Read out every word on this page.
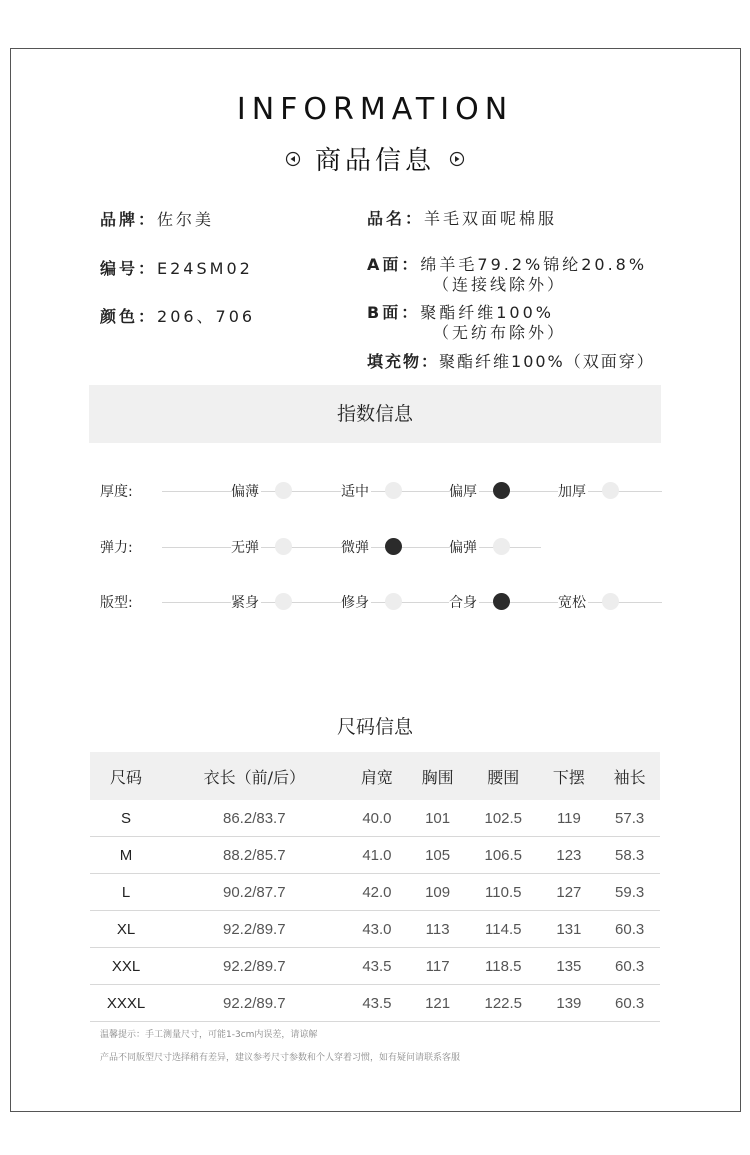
INFORMATION
商品信息
品牌：佐尔美
编号：E24SM02
颜色：206、706
品名：羊毛双面呢棉服
A面：绵羊毛79.2%锦纶20.8%
（连接线除外）
B面：聚酯纤维100%
（无纺布除外）
填充物：聚酯纤维100%（双面穿）
指数信息
厚度:	偏薄	适中	偏厚	加厚
弹力:	无弹	微弹	偏弹
版型:	紧身	修身	合身	宽松
尺码信息
尺码	衣长（前/后）	肩宽	胸围	腰围	下摆	袖长
S	86.2/83.7	40.0	101	102.5	119	57.3
M	88.2/85.7	41.0	105	106.5	123	58.3
L	90.2/87.7	42.0	109	110.5	127	59.3
XL	92.2/89.7	43.0	113	114.5	131	60.3
XXL	92.2/89.7	43.5	117	118.5	135	60.3
XXXL	92.2/89.7	43.5	121	122.5	139	60.3
温馨提示：手工测量尺寸，可能1-3cm内误差，请谅解
产品不同版型尺寸选择稍有差异，建议参考尺寸参数和个人穿着习惯，如有疑问请联系客服
